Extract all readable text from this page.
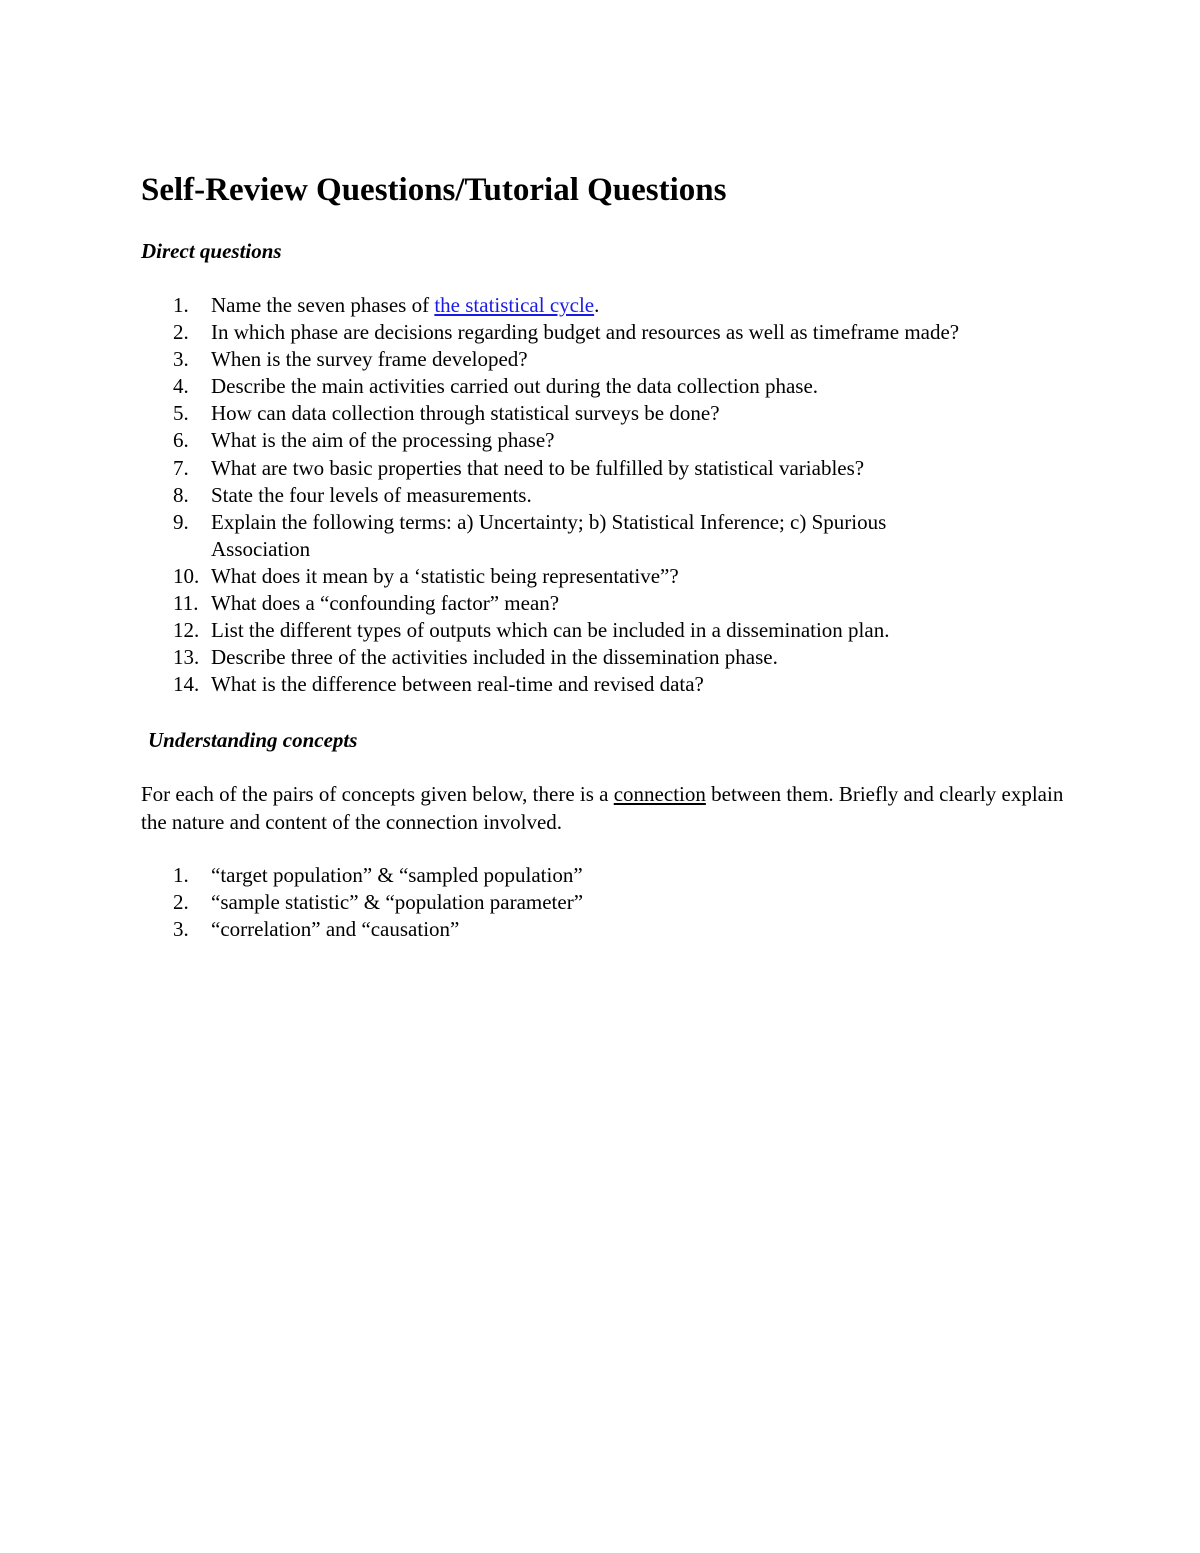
Self-Review Questions/Tutorial Questions
Direct questions
1. Name the seven phases of the statistical cycle.
2. In which phase are decisions regarding budget and resources as well as timeframe made?
3. When is the survey frame developed?
4. Describe the main activities carried out during the data collection phase.
5. How can data collection through statistical surveys be done?
6. What is the aim of the processing phase?
7. What are two basic properties that need to be fulfilled by statistical variables?
8. State the four levels of measurements.
9. Explain the following terms: a) Uncertainty; b) Statistical Inference; c) Spurious Association
10. What does it mean by a ‘statistic being representative”?
11. What does a “confounding factor” mean?
12. List the different types of outputs which can be included in a dissemination plan.
13. Describe three of the activities included in the dissemination phase.
14. What is the difference between real-time and revised data?
Understanding concepts

For each of the pairs of concepts given below, there is a connection between them. Briefly and clearly explain the nature and content of the connection involved.

1. “target population” & “sampled population”
2. “sample statistic” & “population parameter”
3. “correlation” and “causation”
